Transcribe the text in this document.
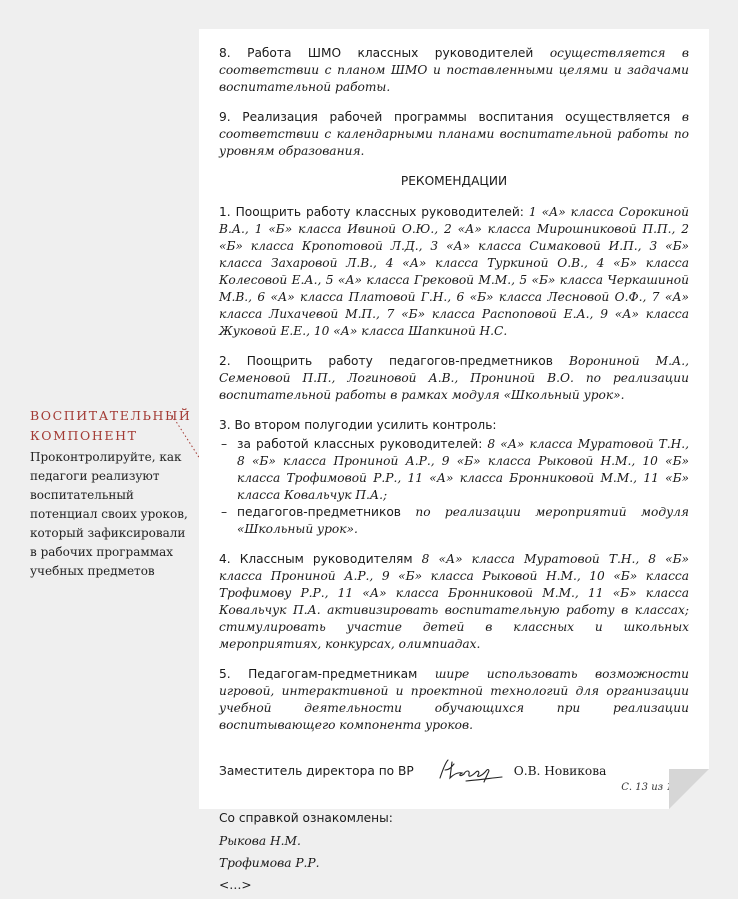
ВОСПИТАТЕЛЬНЫЙ
КОМПОНЕНТ
Проконтролируйте, как педагоги реализуют воспитательный потенциал своих уроков, который зафиксировали в рабочих программах учебных предметов

8. Работа ШМО классных руководителей осуществляется в соответствии с планом ШМО и поставленными целями и задачами воспитательной работы.

9. Реализация рабочей программы воспитания осуществляется в соответствии с календарными планами воспитательной работы по уровням образования.

РЕКОМЕНДАЦИИ

1. Поощрить работу классных руководителей: 1 «А» класса Сорокиной В.А., 1 «Б» класса Ивиной О.Ю., 2 «А» класса Мирошниковой П.П., 2 «Б» класса Кропотовой Л.Д., 3 «А» класса Симаковой И.П., 3 «Б» класса Захаровой Л.В., 4 «А» класса Туркиной О.В., 4 «Б» класса Колесовой Е.А., 5 «А» класса Грековой М.М., 5 «Б» класса Черкашиной М.В., 6 «А» класса Платовой Г.Н., 6 «Б» класса Лесновой О.Ф., 7 «А» класса Лихачевой М.П., 7 «Б» класса Распоповой Е.А., 9 «А» класса Жуковой Е.Е., 10 «А» класса Шапкиной Н.С.

2. Поощрить работу педагогов-предметников Ворониной М.А., Семеновой П.П., Логиновой А.В., Прониной В.О. по реализации воспитательной работы в рамках модуля «Школьный урок».

3. Во втором полугодии усилить контроль:

– за работой классных руководителей: 8 «А» класса Муратовой Т.Н., 8 «Б» класса Прониной А.Р., 9 «Б» класса Рыковой Н.М., 10 «Б» класса Трофимовой Р.Р., 11 «А» класса Бронниковой М.М., 11 «Б» класса Ковальчук П.А.;
– педагогов-предметников по реализации мероприятий модуля «Школьный урок».

4. Классным руководителям 8 «А» класса Муратовой Т.Н., 8 «Б» класса Прониной А.Р., 9 «Б» класса Рыковой Н.М., 10 «Б» класса Трофимову Р.Р., 11 «А» класса Бронниковой М.М., 11 «Б» класса Ковальчук П.А. активизировать воспитательную работу в классах; стимулировать участие детей в классных и школьных мероприятиях, конкурсах, олимпиадах.

5. Педагогам-предметникам шире использовать возможности игровой, интерактивной и проектной технологий для организации учебной деятельности обучающихся при реализации воспитывающего компонента уроков.

Заместитель директора по ВР	О.В. Новикова
Со справкой ознакомлены:
Рыкова Н.М.
Трофимова Р.Р.
<…>
С. 13 из 13
